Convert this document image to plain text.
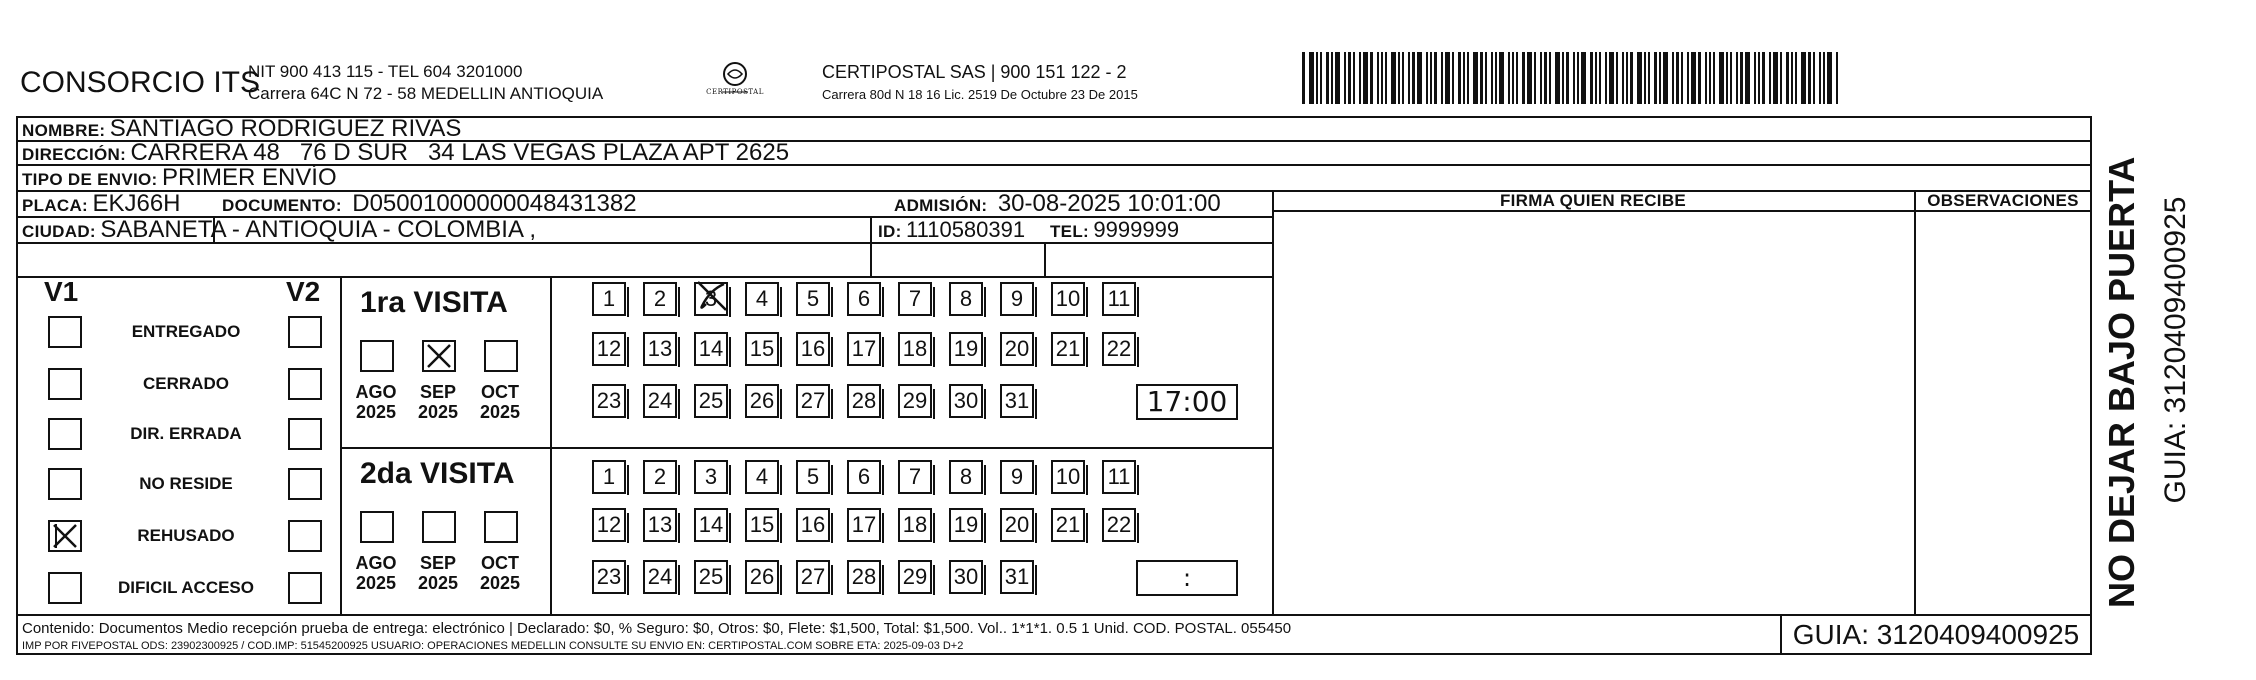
CONSORCIO ITS
NIT 900 413 115 - TEL 604 3201000
Carrera 64C N 72 - 58 MEDELLIN ANTIOQUIA	CERTIPOSTAL
CERTIPOSTAL SAS | 900 151 122 - 2
Carrera 80d N 18 16 Lic. 2519 De Octubre 23 De 2015
NOMBRE: SANTIAGO RODRIGUEZ RIVAS
DIRECCIÓN: CARRERA 48   76 D SUR   34 LAS VEGAS PLAZA APT 2625
TIPO DE ENVIO: PRIMER ENVÍO
FIRMA QUIEN RECIBE	OBSERVACIONES
PLACA: EKJ66H DOCUMENTO: D05001000000048431382	ADMISIÓN: 30-08-2025 10:01:00
CIUDAD: SABANETA - ANTIOQUIA - COLOMBIA ,	ID: 1110580391 TEL: 9999999
V1	V2
ENTREGADO
CERRADO
DIR. ERRADA
NO RESIDE
REHUSADO
DIFICIL ACCESO
1ra VISITA
AGO
2025
SEP
2025
OCT
2025
1	2	3	4	5	6	7	8	9	10 11
12 13 14 15 16 17 18 19 20 21 22
23 24 25 26 27 28 29 30 31	17:00
2da VISITA
AGO
2025
SEP
2025
OCT
2025
1	2	3	4	5	6	7	8	9	10 11
12 13 14 15 16 17 18 19 20 21 22
23 24 25 26 27 28 29 30 31	:	NO DEJAR BAJO PUERTA GUIA: 3120409400925
Contenido: Documentos Medio recepción prueba de entrega: electrónico | Declarado: $0, % Seguro: $0, Otros: $0, Flete: $1,500, Total: $1,500. Vol.. 1*1*1. 0.5 1 Unid. COD. POSTAL. 055450
IMP POR FIVEPOSTAL ODS: 23902300925 / COD.IMP: 51545200925 USUARIO: OPERACIONES MEDELLIN CONSULTE SU ENVIO EN: CERTIPOSTAL.COM SOBRE ETA: 2025-09-03 D+2	GUIA: 3120409400925
